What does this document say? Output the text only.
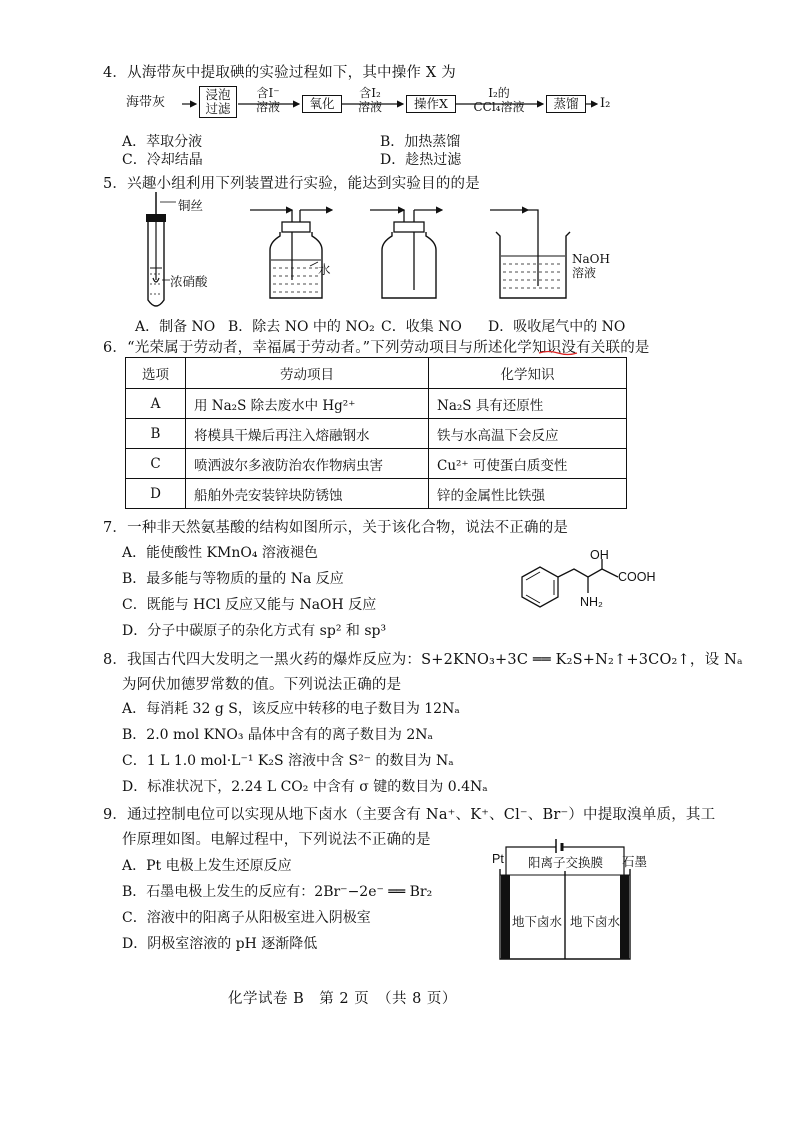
4．从海带灰中提取碘的实验过程如下，其中操作 X 为
海带灰
浸泡
过滤
含I⁻
溶液	氧化
含I₂
溶液	操作X
I₂的
CCl₄溶液	蒸馏	I₂
A．萃取分液	B．加热蒸馏
C．冷却结晶	D．趁热过滤
5．兴趣小组利用下列装置进行实验，能达到实验目的的是
铜丝
浓硝酸
水
NaOH
溶液
A．制备 NO B．除去 NO 中的 NO₂ C．收集 NO D．吸收尾气中的 NO
6．“光荣属于劳动者，幸福属于劳动者。”下列劳动项目与所述化学知识没有关联的是
选项	劳动项目	化学知识
A	用 Na₂S 除去废水中 Hg²⁺	Na₂S 具有还原性
B	将模具干燥后再注入熔融钢水	铁与水高温下会反应
C	喷洒波尔多液防治农作物病虫害	Cu²⁺ 可使蛋白质变性
D	船舶外壳安装锌块防锈蚀	锌的金属性比铁强
7．一种非天然氨基酸的结构如图所示，关于该化合物，说法不正确的是
A．能使酸性 KMnO₄ 溶液褪色
B．最多能与等物质的量的 Na 反应
C．既能与 HCl 反应又能与 NaOH 反应
D．分子中碳原子的杂化方式有 sp² 和 sp³
OH
COOH
NH₂
8．我国古代四大发明之一黑火药的爆炸反应为：S+2KNO₃+3C ══ K₂S+N₂↑+3CO₂↑，设 Nₐ
为阿伏加德罗常数的值。下列说法正确的是
A．每消耗 32 g S，该反应中转移的电子数目为 12Nₐ
B．2.0 mol KNO₃ 晶体中含有的离子数目为 2Nₐ
C．1 L 1.0 mol·L⁻¹ K₂S 溶液中含 S²⁻ 的数目为 Nₐ
D．标准状况下，2.24 L CO₂ 中含有 σ 键的数目为 0.4Nₐ
9．通过控制电位可以实现从地下卤水（主要含有 Na⁺、K⁺、Cl⁻、Br⁻）中提取溴单质，其工
作原理如图。电解过程中，下列说法不正确的是
A．Pt 电极上发生还原反应
B．石墨电极上发生的反应有：2Br⁻−2e⁻ ══ Br₂
C．溶液中的阳离子从阳极室进入阴极室
D．阴极室溶液的 pH 逐渐降低
Pt	石墨
阳离子交换膜
地下卤水 地下卤水
化学试卷 B　第 2 页　（共 8 页）
